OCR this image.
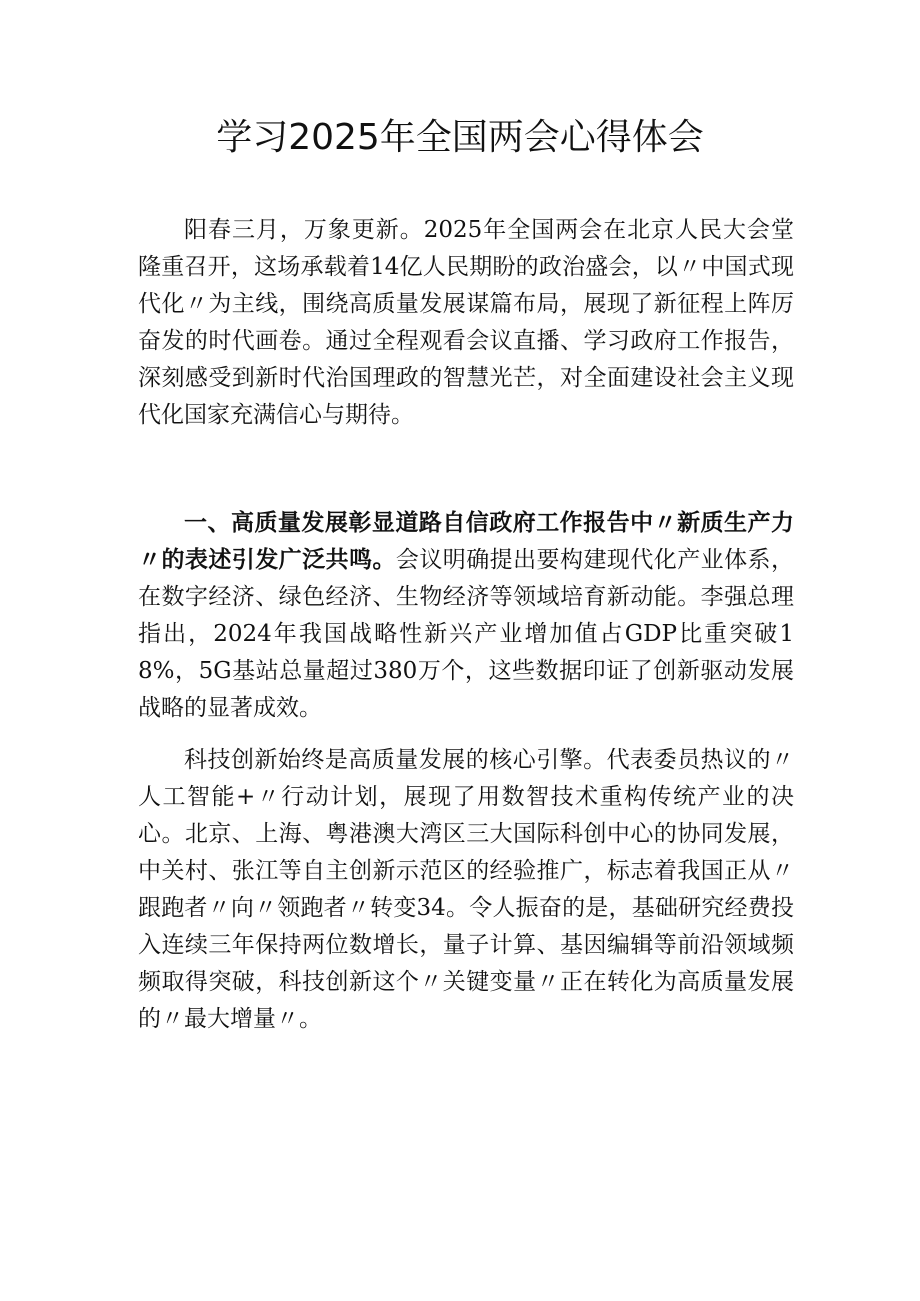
学习2025年全国两会心得体会

阳春三月，万象更新。2025年全国两会在北京人民大会堂隆重召开，这场承载着14亿人民期盼的政治盛会，以〃中国式现代化〃为主线，围绕高质量发展谋篇布局，展现了新征程上阵厉奋发的时代画卷。通过全程观看会议直播、学习政府工作报告，深刻感受到新时代治国理政的智慧光芒，对全面建设社会主义现代化国家充满信心与期待。

一、高质量发展彰显道路自信政府工作报告中〃新质生产力〃的表述引发广泛共鸣。会议明确提出要构建现代化产业体系，在数字经济、绿色经济、生物经济等领域培育新动能。李强总理指出，2024年我国战略性新兴产业增加值占GDP比重突破18%，5G基站总量超过380万个，这些数据印证了创新驱动发展战略的显著成效。

科技创新始终是高质量发展的核心引擎。代表委员热议的〃人工智能+〃行动计划，展现了用数智技术重构传统产业的决心。北京、上海、粤港澳大湾区三大国际科创中心的协同发展，中关村、张江等自主创新示范区的经验推广，标志着我国正从〃跟跑者〃向〃领跑者〃转变34。令人振奋的是，基础研究经费投入连续三年保持两位数增长，量子计算、基因编辑等前沿领域频频取得突破，科技创新这个〃关键变量〃正在转化为高质量发展的〃最大增量〃。
